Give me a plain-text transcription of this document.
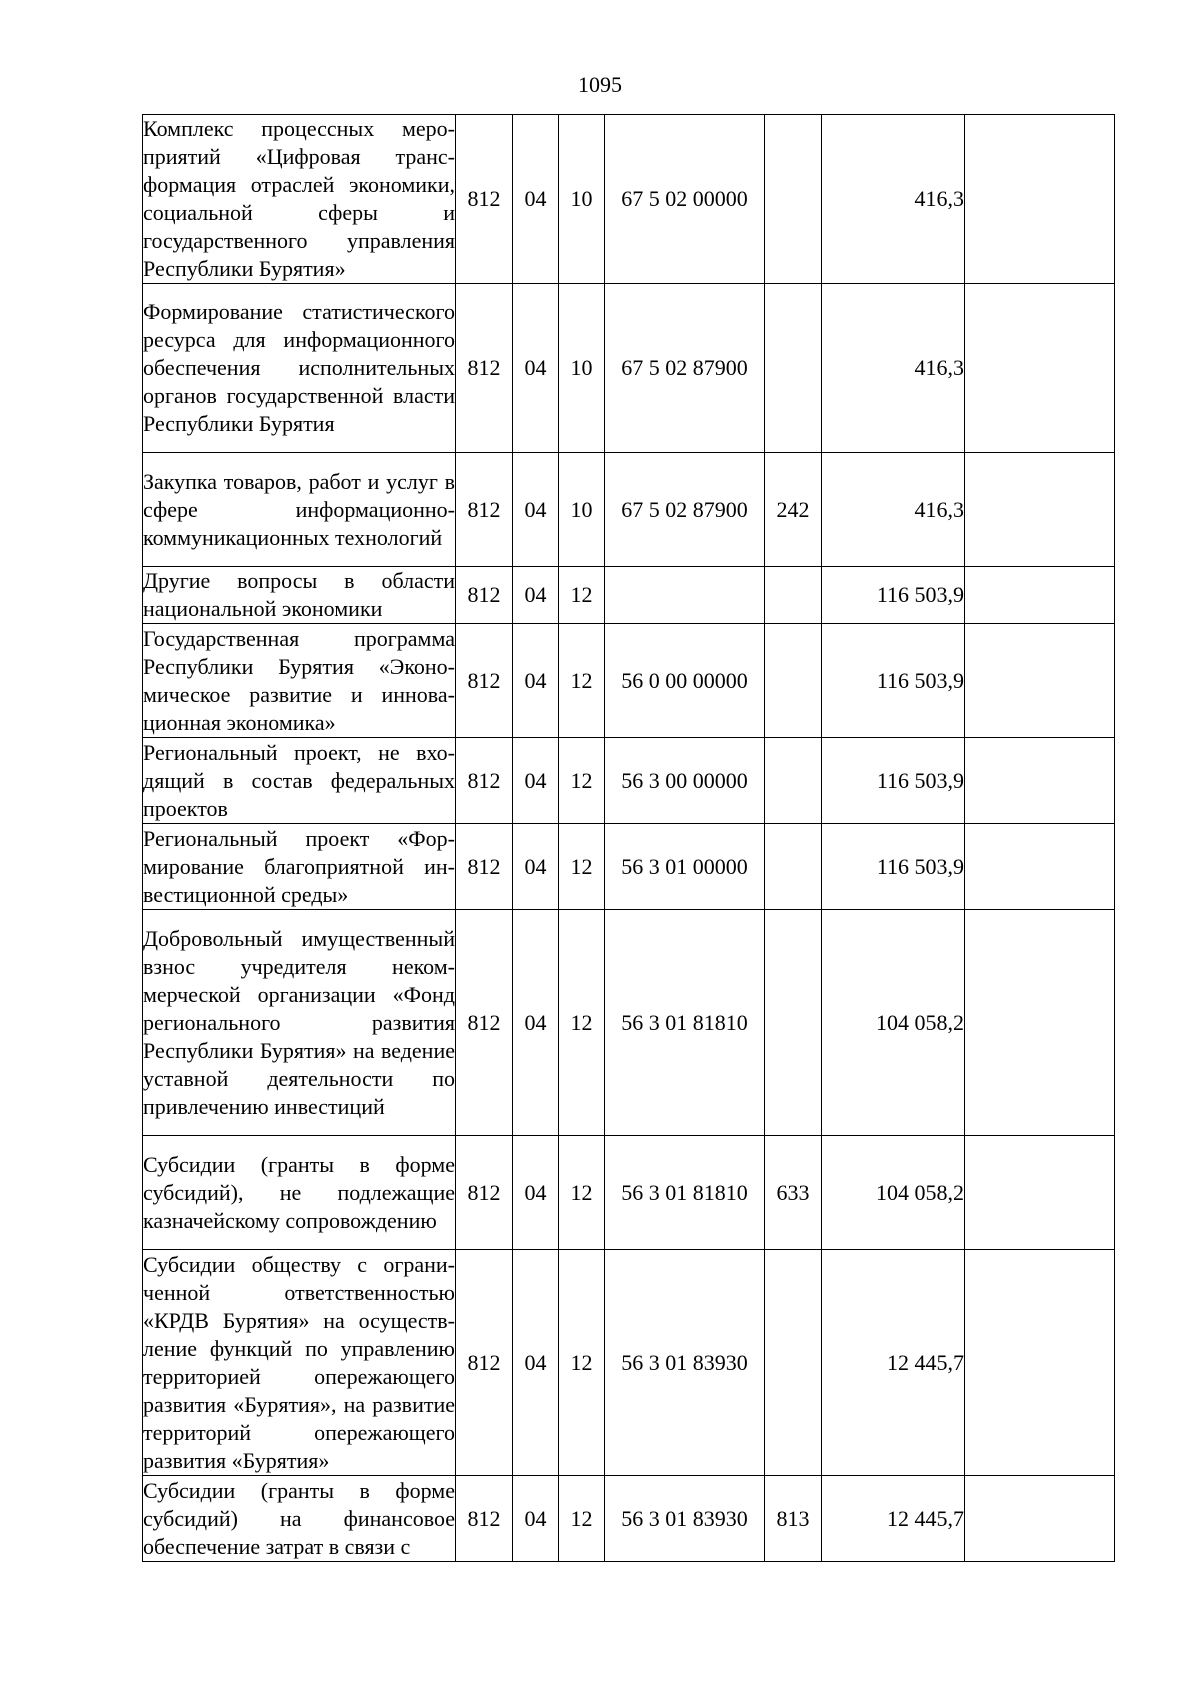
1095
Комплекс процессных мероприятий «Цифровая трансформация отраслей экономики, социальной сферы и государственного управления Республики Бурятия»	812	04	10	67 5 02 00000		416,3	
Формирование статистического ресурса для информационного обеспечения исполнительных органов государственной власти Республики Бурятия	812	04	10	67 5 02 87900		416,3	
Закупка товаров, работ и услуг в сфере информационно-коммуникационных технологий	812	04	10	67 5 02 87900	242	416,3	
Другие вопросы в области национальной экономики	812	04	12			116 503,9	
Государственная программа Республики Бурятия «Экономическое развитие и инновационная экономика»	812	04	12	56 0 00 00000		116 503,9	
Региональный проект, не входящий в состав федеральных проектов	812	04	12	56 3 00 00000		116 503,9	
Региональный проект «Формирование благоприятной инвестиционной среды»	812	04	12	56 3 01 00000		116 503,9	
Добровольный имущественный взнос учредителя некоммерческой организации «Фонд регионального развития Республики Бурятия» на ведение уставной деятельности по привлечению инвестиций	812	04	12	56 3 01 81810		104 058,2	
Субсидии (гранты в форме субсидий), не подлежащие казначейскому сопровождению	812	04	12	56 3 01 81810	633	104 058,2	
Субсидии обществу с ограниченной ответственностью «КРДВ Бурятия» на осуществление функций по управлению территорией опережающего развития «Бурятия», на развитие территорий опережающего развития «Бурятия»	812	04	12	56 3 01 83930		12 445,7	
Субсидии (гранты в форме субсидий) на финансовое обеспечение затрат в связи с	812	04	12	56 3 01 83930	813	12 445,7	
